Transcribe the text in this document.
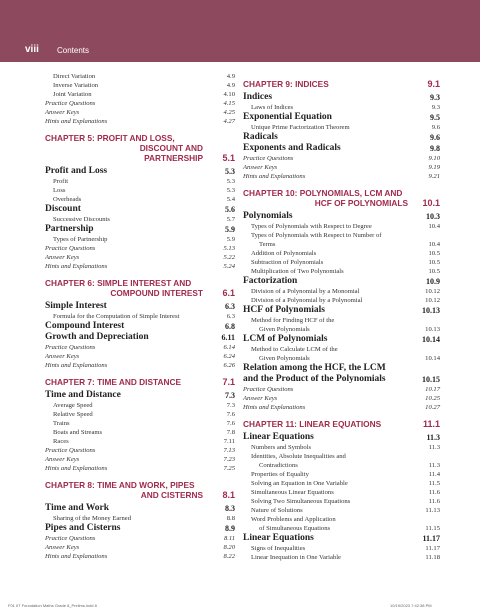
viii Contents
Direct Variation	4.9
Inverse Variation	4.9
Joint Variation	4.10
Practice Questions	4.15
Answer Keys	4.25
Hints and Explanations	4.27
CHAPTER 5: PROFIT AND LOSS,
DISCOUNT AND
PARTNERSHIP	5.1
Profit and Loss	5.3
Profit	5.3
Loss	5.3
Overheads	5.4
Discount	5.6
Successive Discounts	5.7
Partnership	5.9
Types of Partnership	5.9
Practice Questions	5.13
Answer Keys	5.22
Hints and Explanations	5.24
CHAPTER 6: SIMPLE INTEREST AND
COMPOUND INTEREST	6.1
Simple Interest	6.3
Formula for the Computation of Simple Interest	6.3
Compound Interest	6.8
Growth and Depreciation	6.11
Practice Questions	6.14
Answer Keys	6.24
Hints and Explanations	6.26
CHAPTER 7: TIME AND DISTANCE	7.1
Time and Distance	7.3
Average Speed	7.3
Relative Speed	7.6
Trains	7.6
Boats and Streams	7.8
Races	7.11
Practice Questions	7.13
Answer Keys	7.23
Hints and Explanations	7.25
CHAPTER 8: TIME AND WORK, PIPES
AND CISTERNS	8.1
Time and Work	8.3
Sharing of the Money Earned	8.8
Pipes and Cisterns	8.9
Practice Questions	8.11
Answer Keys	8.20
Hints and Explanations	8.22
CHAPTER 9: INDICES	9.1
Indices	9.3
Laws of Indices	9.3
Exponential Equation	9.5
Unique Prime Factorization Theorem	9.6
Radicals	9.6
Exponents and Radicals	9.8
Practice Questions	9.10
Answer Keys	9.19
Hints and Explanations	9.21
CHAPTER 10: POLYNOMIALS, LCM AND
HCF OF POLYNOMIALS	10.1
Polynomials	10.3
Types of Polynomials with Respect to Degree	10.4
Types of Polynomials with Respect to Number of
Terms	10.4
Addition of Polynomials	10.5
Subtraction of Polynomials	10.5
Multiplication of Two Polynomials	10.5
Factorization	10.9
Division of a Polynomial by a Monomial	10.12
Division of a Polynomial by a Polynomial	10.12
HCF of Polynomials	10.13
Method for Finding HCF of the
Given Polynomials	10.13
LCM of Polynomials	10.14
Method to Calculate LCM of the
Given Polynomials	10.14
Relation among the HCF, the LCM
and the Product of the Polynomials	10.15
Practice Questions	10.17
Answer Keys	10.25
Hints and Explanations	10.27
CHAPTER 11: LINEAR EQUATIONS	11.1
Linear Equations	11.3
Numbers and Symbols	11.3
Identities, Absolute Inequalities and
Contradictions	11.3
Properties of Equality	11.4
Solving an Equation in One Variable	11.5
Simultaneous Linear Equations	11.6
Solving Two Simultaneous Equations	11.6
Nature of Solutions	11.13
Word Problems and Application
of Simultaneous Equations	11.15
Linear Equations	11.17
Signs of Inequalities	11.17
Linear Inequation in One Variable	11.18
F01 IIT Foundation Maths Grade 8_Prelims.indd 8	10/19/2023 7:42:38 PM
